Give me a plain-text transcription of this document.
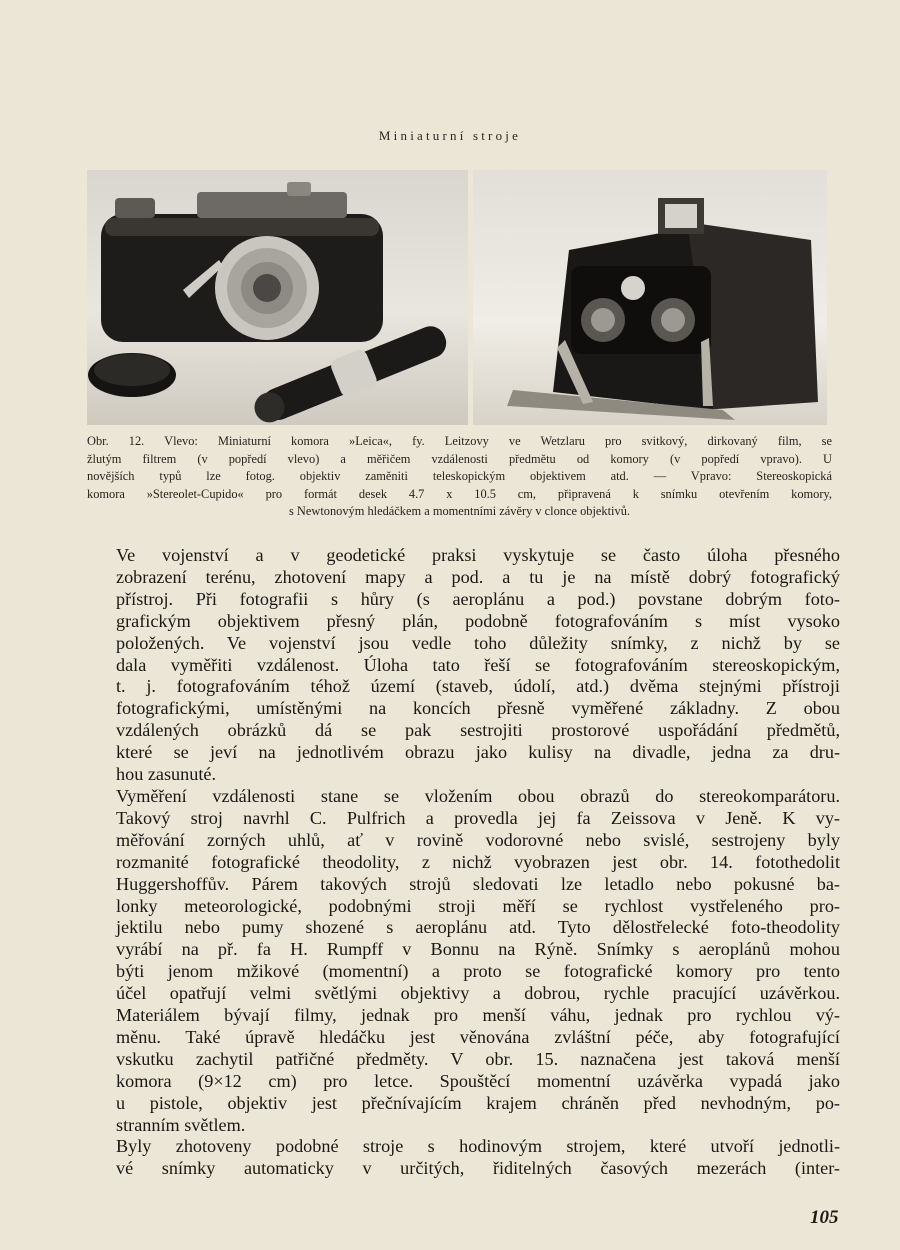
Miniaturní stroje
Obr. 12. Vlevo: Miniaturní komora »Leica«, fy. Leitzovy ve Wetzlaru pro svitkový, dirkovaný film, se
žlutým filtrem (v popředí vlevo) a měřičem vzdálenosti předmětu od komory (v popředí vpravo). U
novějších typů lze fotog. objektiv zaměniti teleskopickým objektivem atd. — Vpravo: Stereoskopická
komora »Stereolet-Cupido« pro formát desek 4.7 x 10.5 cm, připravená k snímku otevřením komory,
s Newtonovým hledáčkem a momentními závěry v clonce objektivů.
Ve vojenství a v geodetické praksi vyskytuje se často úloha přesného
zobrazení terénu, zhotovení mapy a pod. a tu je na místě dobrý fotografický
přístroj. Při fotografii s hůry (s aeroplánu a pod.) povstane dobrým foto-
grafickým objektivem přesný plán, podobně fotografováním s míst vysoko
položených. Ve vojenství jsou vedle toho důležity snímky, z nichž by se
dala vyměřiti vzdálenost. Úloha tato řeší se fotografováním stereoskopickým,
t. j. fotografováním téhož území (staveb, údolí, atd.) dvěma stejnými přístroji
fotografickými, umístěnými na koncích přesně vyměřené základny. Z obou
vzdálených obrázků dá se pak sestrojiti prostorové uspořádání předmětů,
které se jeví na jednotlivém obrazu jako kulisy na divadle, jedna za dru-
hou zasunuté.
Vyměření vzdálenosti stane se vložením obou obrazů do stereokomparátoru.
Takový stroj navrhl C. Pulfrich a provedla jej fa Zeissova v Jeně. K vy-
měřování zorných uhlů, ať v rovině vodorovné nebo svislé, sestrojeny byly
rozmanité fotografické theodolity, z nichž vyobrazen jest obr. 14. fotothedolit
Huggershoffův. Párem takových strojů sledovati lze letadlo nebo pokusné ba-
lonky meteorologické, podobnými stroji měří se rychlost vystřeleného pro-
jektilu nebo pumy shozené s aeroplánu atd. Tyto dělostřelecké foto-theodolity
vyrábí na př. fa H. Rumpff v Bonnu na Rýně. Snímky s aeroplánů mohou
býti jenom mžikové (momentní) a proto se fotografické komory pro tento
účel opatřují velmi světlými objektivy a dobrou, rychle pracující uzávěrkou.
Materiálem bývají filmy, jednak pro menší váhu, jednak pro rychlou vý-
měnu. Také úpravě hledáčku jest věnována zvláštní péče, aby fotografující
vskutku zachytil patřičné předměty. V obr. 15. naznačena jest taková menší
komora (9×12 cm) pro letce. Spouštěcí momentní uzávěrka vypadá jako
u pistole, objektiv jest přečnívajícím krajem chráněn před nevhodným, po-
stranním světlem.
Byly zhotoveny podobné stroje s hodinovým strojem, které utvoří jednotli-
vé snímky automaticky v určitých, řiditelných časových mezerách (inter-
105
